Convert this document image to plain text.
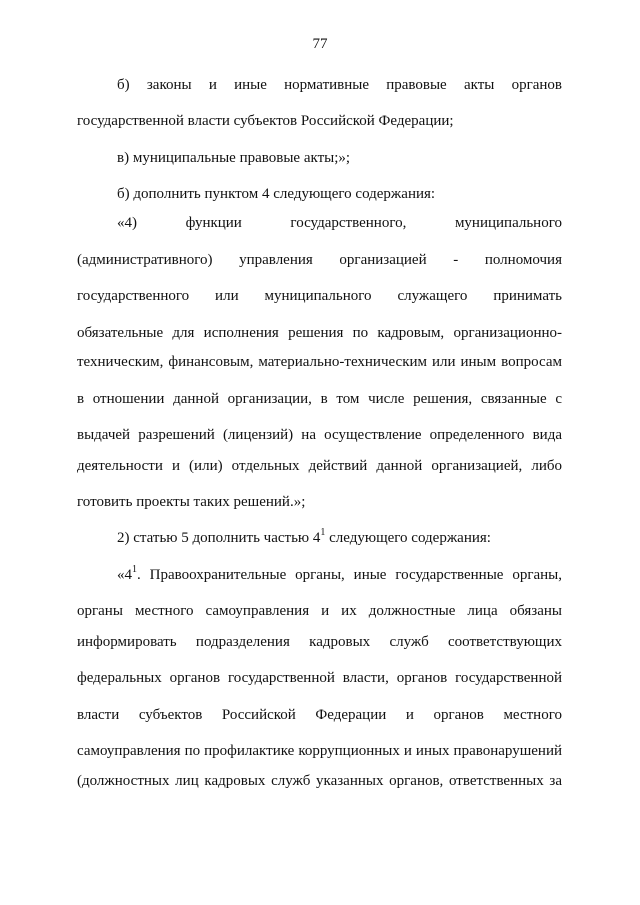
77
б) законы и иные нормативные правовые акты органов
государственной власти субъектов Российской Федерации;
в) муниципальные правовые акты;»;
б) дополнить пунктом 4 следующего содержания:
«4) функции государственного, муниципального
(административного) управления организацией - полномочия
государственного или муниципального служащего принимать
обязательные для исполнения решения по кадровым, организационно-
техническим, финансовым, материально-техническим или иным вопросам
в отношении данной организации, в том числе решения, связанные с
выдачей разрешений (лицензий) на осуществление определенного вида
деятельности и (или) отдельных действий данной организацией, либо
готовить проекты таких решений.»;
2) статью 5 дополнить частью $4^1$ следующего содержания:
«$4^1$. Правоохранительные органы, иные государственные органы,
органы местного самоуправления и их должностные лица обязаны
информировать подразделения кадровых служб соответствующих
федеральных органов государственной власти, органов государственной
власти субъектов Российской Федерации и органов местного
самоуправления по профилактике коррупционных и иных правонарушений
(должностных лиц кадровых служб указанных органов, ответственных за
